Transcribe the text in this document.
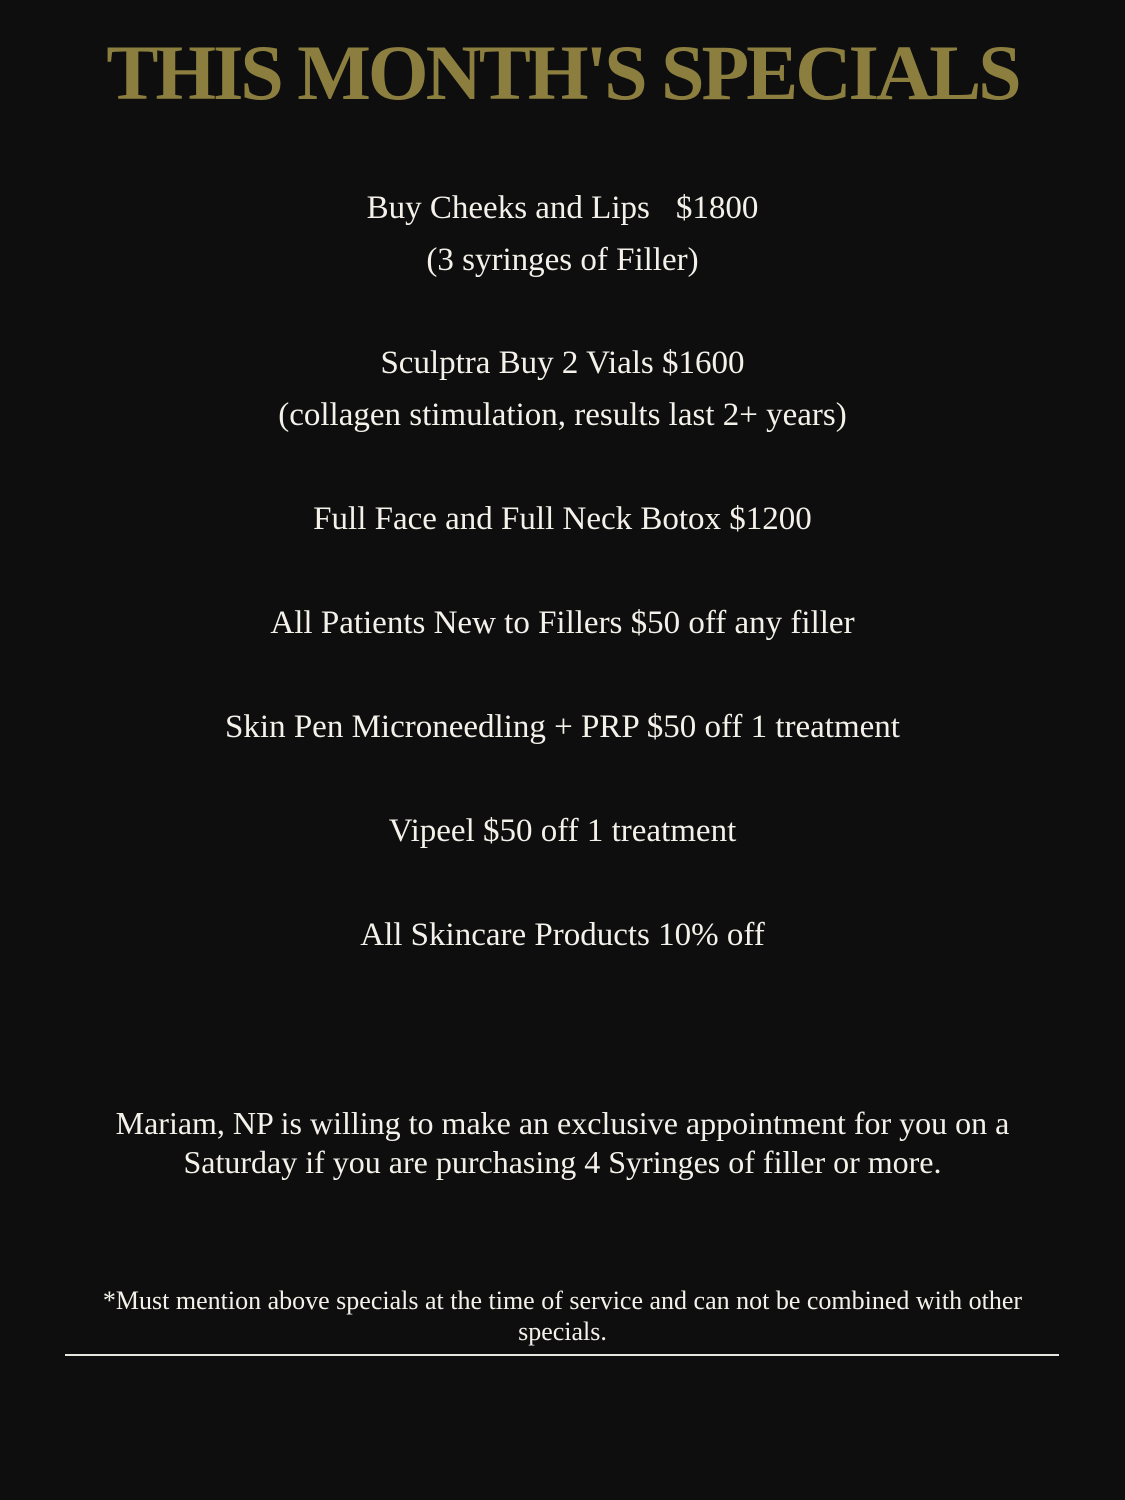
THIS MONTH'S SPECIALS
Buy Cheeks and Lips $1800
(3 syringes of Filler)
Sculptra Buy 2 Vials $1600
(collagen stimulation, results last 2+ years)
Full Face and Full Neck Botox $1200
All Patients New to Fillers $50 off any filler
Skin Pen Microneedling + PRP $50 off 1 treatment
Vipeel $50 off 1 treatment
All Skincare Products 10% off
Mariam, NP is willing to make an exclusive appointment for you on a Saturday if you are purchasing 4 Syringes of filler or more.
*Must mention above specials at the time of service and can not be combined with other specials.
